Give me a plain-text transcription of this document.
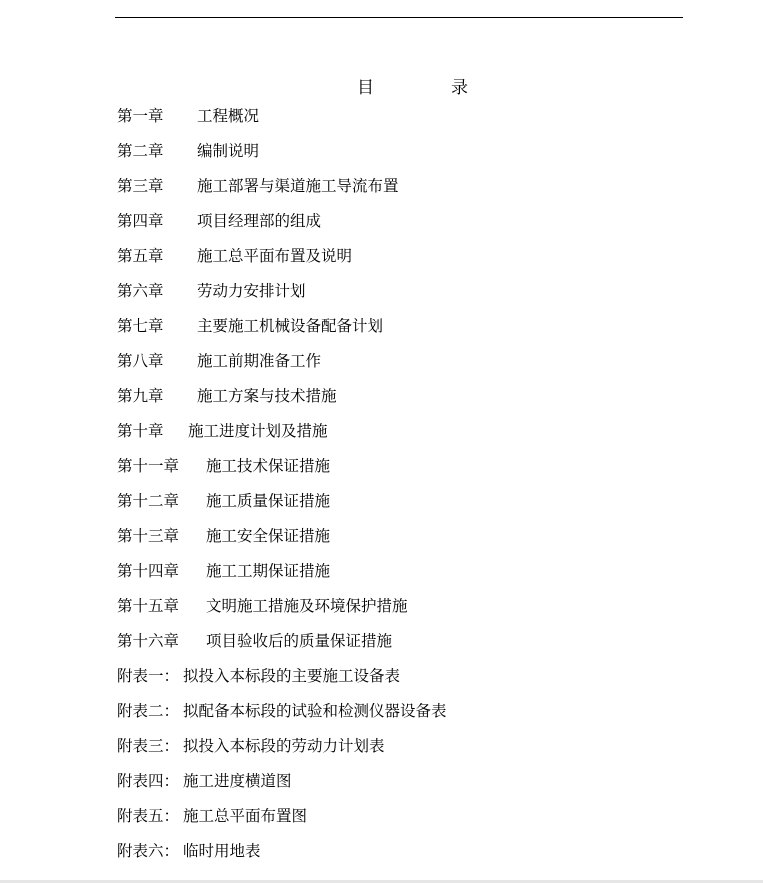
目	录
第一章 工程概况
第二章 编制说明
第三章 施工部署与渠道施工导流布置
第四章 项目经理部的组成
第五章 施工总平面布置及说明
第六章 劳动力安排计划
第七章 主要施工机械设备配备计划
第八章 施工前期准备工作
第九章 施工方案与技术措施
第十章 施工进度计划及措施
第十一章 施工技术保证措施
第十二章 施工质量保证措施
第十三章 施工安全保证措施
第十四章 施工工期保证措施
第十五章 文明施工措施及环境保护措施
第十六章 项目验收后的质量保证措施
附表一： 拟投入本标段的主要施工设备表
附表二： 拟配备本标段的试验和检测仪器设备表
附表三： 拟投入本标段的劳动力计划表
附表四： 施工进度横道图
附表五： 施工总平面布置图
附表六： 临时用地表
